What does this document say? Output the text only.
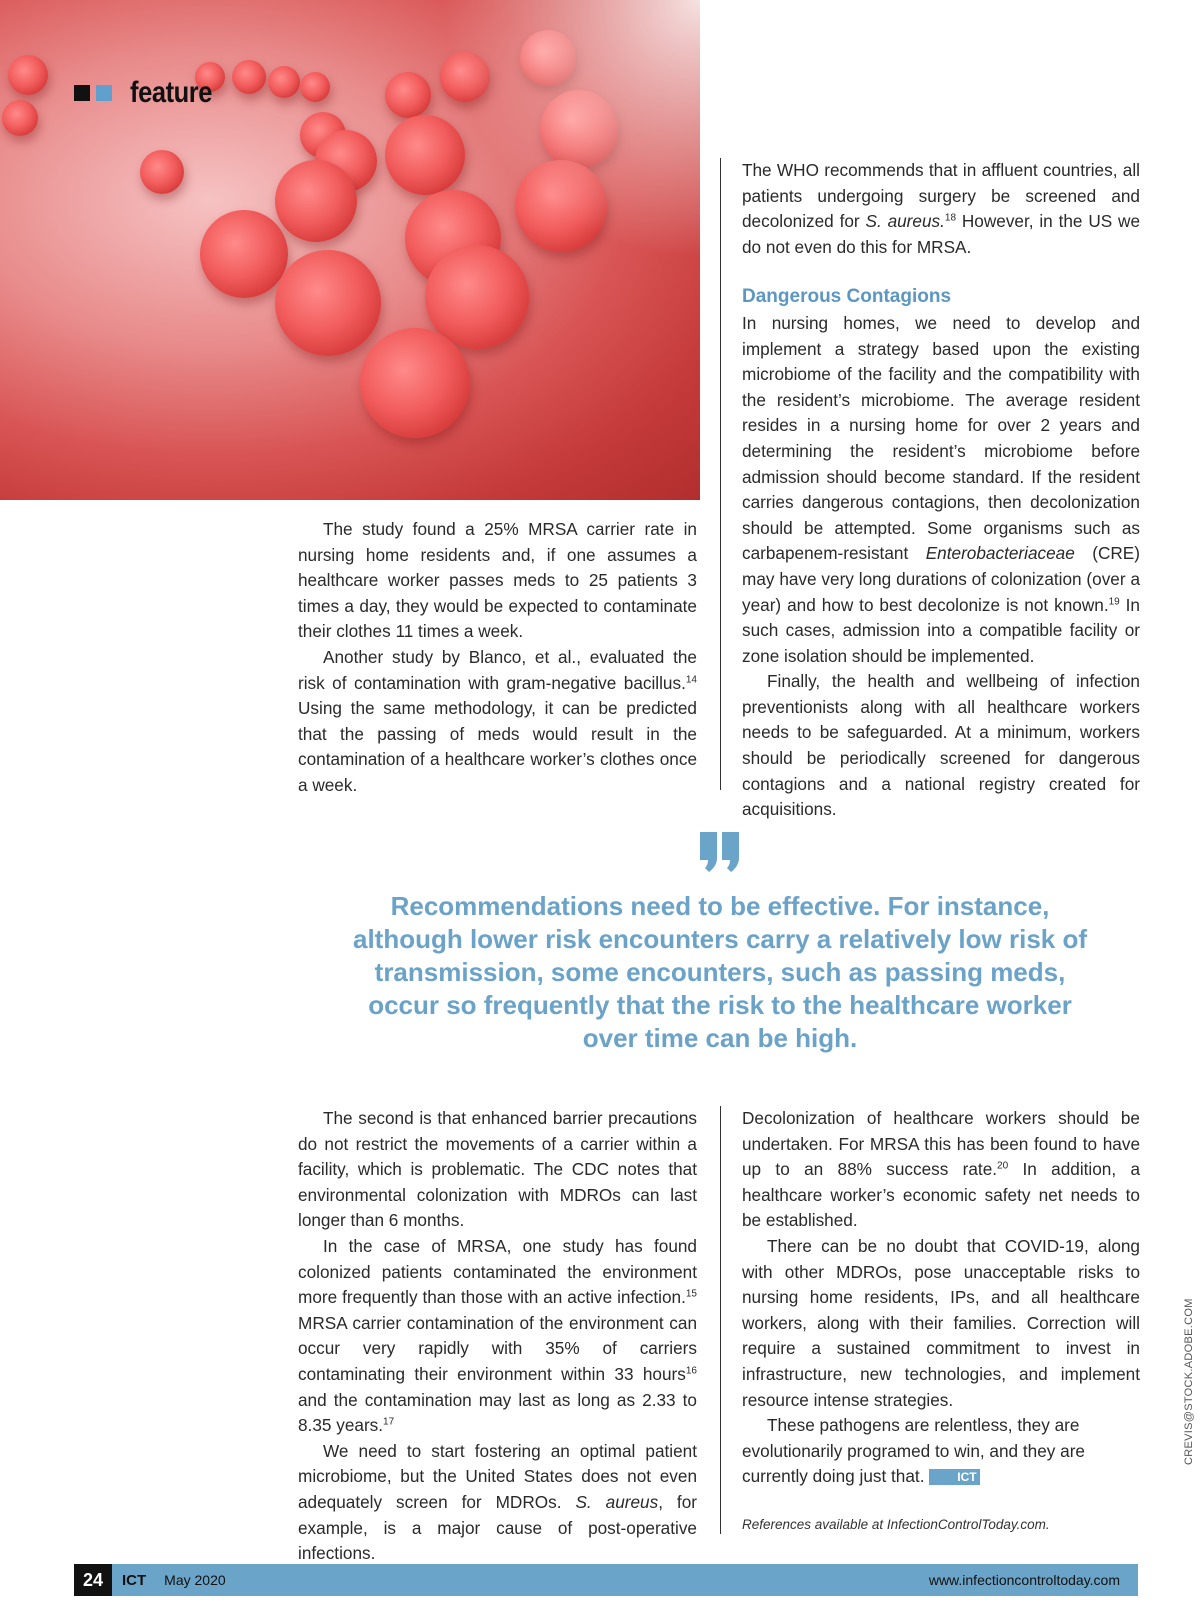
feature

The WHO recommends that in affluent countries, all patients undergoing surgery be screened and decolonized for S. aureus.$^{18}$ However, in the US we do not even do this for MRSA.

Dangerous Contagions

In nursing homes, we need to develop and implement a strategy based upon the existing microbiome of the facility and the compatibility with the resident’s microbiome. The average resident resides in a nursing home for over 2 years and determining the resident’s microbiome before admission should become standard. If the resident carries dangerous contagions, then decolonization should be attempted. Some organisms such as carbapenem-resistant Enterobacteriaceae (CRE) may have very long durations of colonization (over a year) and how to best decolonize is not known.$^{19}$ In such cases, admission into a compatible facility or zone isolation should be implemented.

Finally, the health and wellbeing of infection preventionists along with all healthcare workers needs to be safeguarded. At a minimum, workers should be periodically screened for dangerous contagions and a national registry created for acquisitions.

The study found a 25% MRSA carrier rate in nursing home residents and, if one assumes a healthcare worker passes meds to 25 patients 3 times a day, they would be expected to contaminate their clothes 11 times a week.

Another study by Blanco, et al., evaluated the risk of contamination with gram-negative bacillus.$^{14}$ Using the same methodology, it can be predicted that the passing of meds would result in the contamination of a healthcare worker’s clothes once a week.

Recommendations need to be effective. For instance, although lower risk encounters carry a relatively low risk of transmission, some encounters, such as passing meds, occur so frequently that the risk to the healthcare worker over time can be high.

The second is that enhanced barrier precautions do not restrict the movements of a carrier within a facility, which is problematic. The CDC notes that environmental colonization with MDROs can last longer than 6 months.

In the case of MRSA, one study has found colonized patients contaminated the environment more frequently than those with an active infection.$^{15}$ MRSA carrier contamination of the environment can occur very rapidly with 35% of carriers contaminating their environment within 33 hours$^{16}$ and the contamination may last as long as 2.33 to 8.35 years.$^{17}$

We need to start fostering an optimal patient microbiome, but the United States does not even adequately screen for MDROs. S. aureus, for example, is a major cause of post-operative infections.

Decolonization of healthcare workers should be undertaken. For MRSA this has been found to have up to an 88% success rate.$^{20}$ In addition, a healthcare worker’s economic safety net needs to be established.

There can be no doubt that COVID-19, along with other MDROs, pose unacceptable risks to nursing home residents, IPs, and all healthcare workers, along with their families. Correction will require a sustained commitment to invest in infrastructure, new technologies, and implement resource intense strategies.

These pathogens are relentless, they are evolutionarily programed to win, and they are currently doing just that.	ICT

References available at InfectionControlToday.com.
CREVIS@STOCK.ADOBE.COM
24	ICT May 2020	www.infectioncontroltoday.com
